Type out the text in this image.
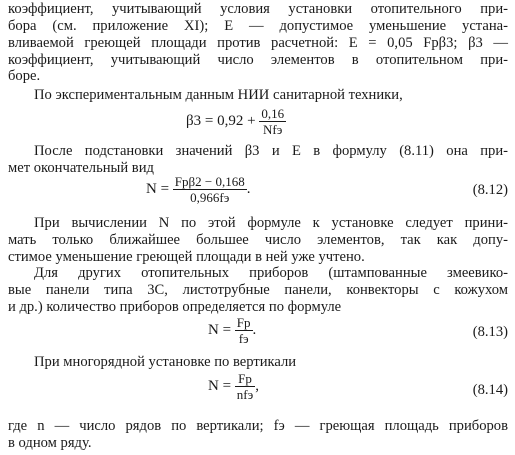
коэффициент, учитывающий условия установки отопительного при-
бора (см. приложение XI); E — допустимое уменьшение устана-
вливаемой греющей площади против расчетной: E = 0,05 Fpβ3; β3 —
коэффициент, учитывающий число элементов в отопительном при-
боре.
По экспериментальным данным НИИ санитарной техники,
$\beta 3 = 0,92 + \frac{0,16}{\text{Nfэ}}$
После подстановки значений β3 и E в формулу (8.11) она при-
мет окончательный вид
$N = \frac{\text{Fpβ2 − 0,168}}{0,966fэ}$ .	(8.12)
При вычислении N по этой формуле к установке следует прини-
мать только ближайшее большее число элементов, так как допу-
стимое уменьшение греющей площади в ней уже учтено.
Для других отопительных приборов (штампованные змеевико-
вые панели типа 3С, листотрубные панели, конвекторы с кожухом
и др.) количество приборов определяется по формуле
$N = \frac{Fp}{fэ}$ .	(8.13)
При многорядной установке по вертикали
$N = \frac{Fp}{\text{nfэ}}$ ,	(8.14)
где n — число рядов по вертикали; fэ — греющая площадь приборов
в одном ряду.
